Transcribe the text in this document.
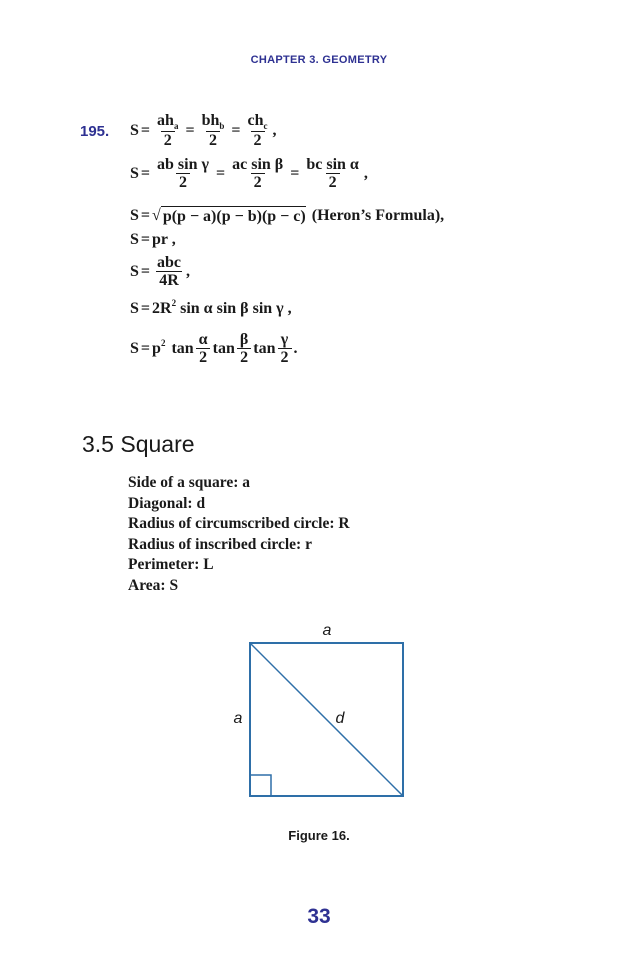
CHAPTER 3. GEOMETRY
195. $S = \frac{ah_a}{2} = \frac{bh_b}{2} = \frac{ch_c}{2}$ ,
$S = \frac{\text{ab sin γ}}{2} = \frac{\text{ac sin β}}{2} = \frac{\text{bc sin α}}{2}$ ,
S = √ p(p − a)(p − b)(p − c) (Heron’s Formula),
S = pr ,
$S = \frac{\text{abc}}{4R}$ ,
S = 2R 2 sin α sin β sin γ ,
S = p 2 $\tan \frac{\alpha}{2}$ $\tan \frac{\beta}{2}$ $\tan \frac{\gamma}{2}$ .
3.5 Square
Side of a square: a
Diagonal: d
Radius of circumscribed circle: R
Radius of inscribed circle: r
Perimeter: L
Area: S
a
a	d
Figure 16.
33
